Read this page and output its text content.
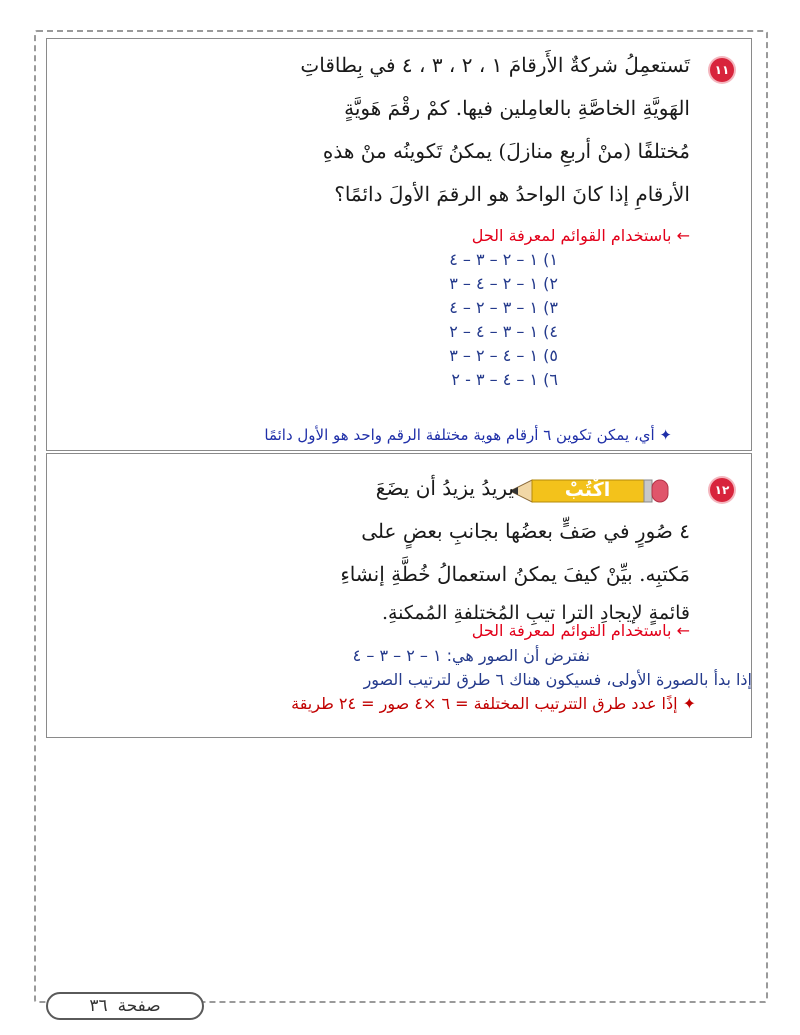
١١
تَستعمِلُ شركةٌ الأَرقامَ ١ ، ٢ ، ٣ ، ٤ في بِطاقاتِ
الهَويَّةِ الخاصَّةِ بالعامِلين فيها. كمْ رقْمَ هَويَّةٍ
مُختلفًا (منْ أربعِ منازلَ) يمكنُ تَكوينُه منْ هذهِ
الأرقامِ إذا كانَ الواحدُ هو الرقمَ الأولَ دائمًا؟
← باستخدام القوائم لمعرفة الحل
١) ١ – ٢ – ٣ – ٤
٢) ١ – ٢ – ٤ – ٣
٣) ١ – ٣ – ٢ – ٤
٤) ١ – ٣ – ٤ – ٢
٥) ١ – ٤ – ٢ – ٣
٦) ١ – ٤ – ٣ - ٢
✦ أي، يمكن تكوين ٦ أرقام هوية مختلفة الرقم واحد هو الأول دائمًا
١٢
اكْتُبْ
يريدُ يزيدُ أن يضَعَ
٤ صُورٍ في صَفٍّ بعضُها بجانبِ بعضٍ على
مَكتبِه. بيِّنْ كيفَ يمكنُ استعمالُ خُطَّةِ إنشاءِ
قائمةٍ لإيجادِ الترا تيبِ المُختلفةِ المُمكنةِ.
← باستخدام القوائم لمعرفة الحل
نفترض أن الصور هي: ١ – ٢ – ٣ – ٤
إذا بدأ بالصورة الأولى، فسيكون هناك ٦ طرق لترتيب الصور
✦ إذًا عدد طرق التترتيب المختلفة = ٦ ×٤ صور = ٢٤ طريقة
صفحة
٣٦
